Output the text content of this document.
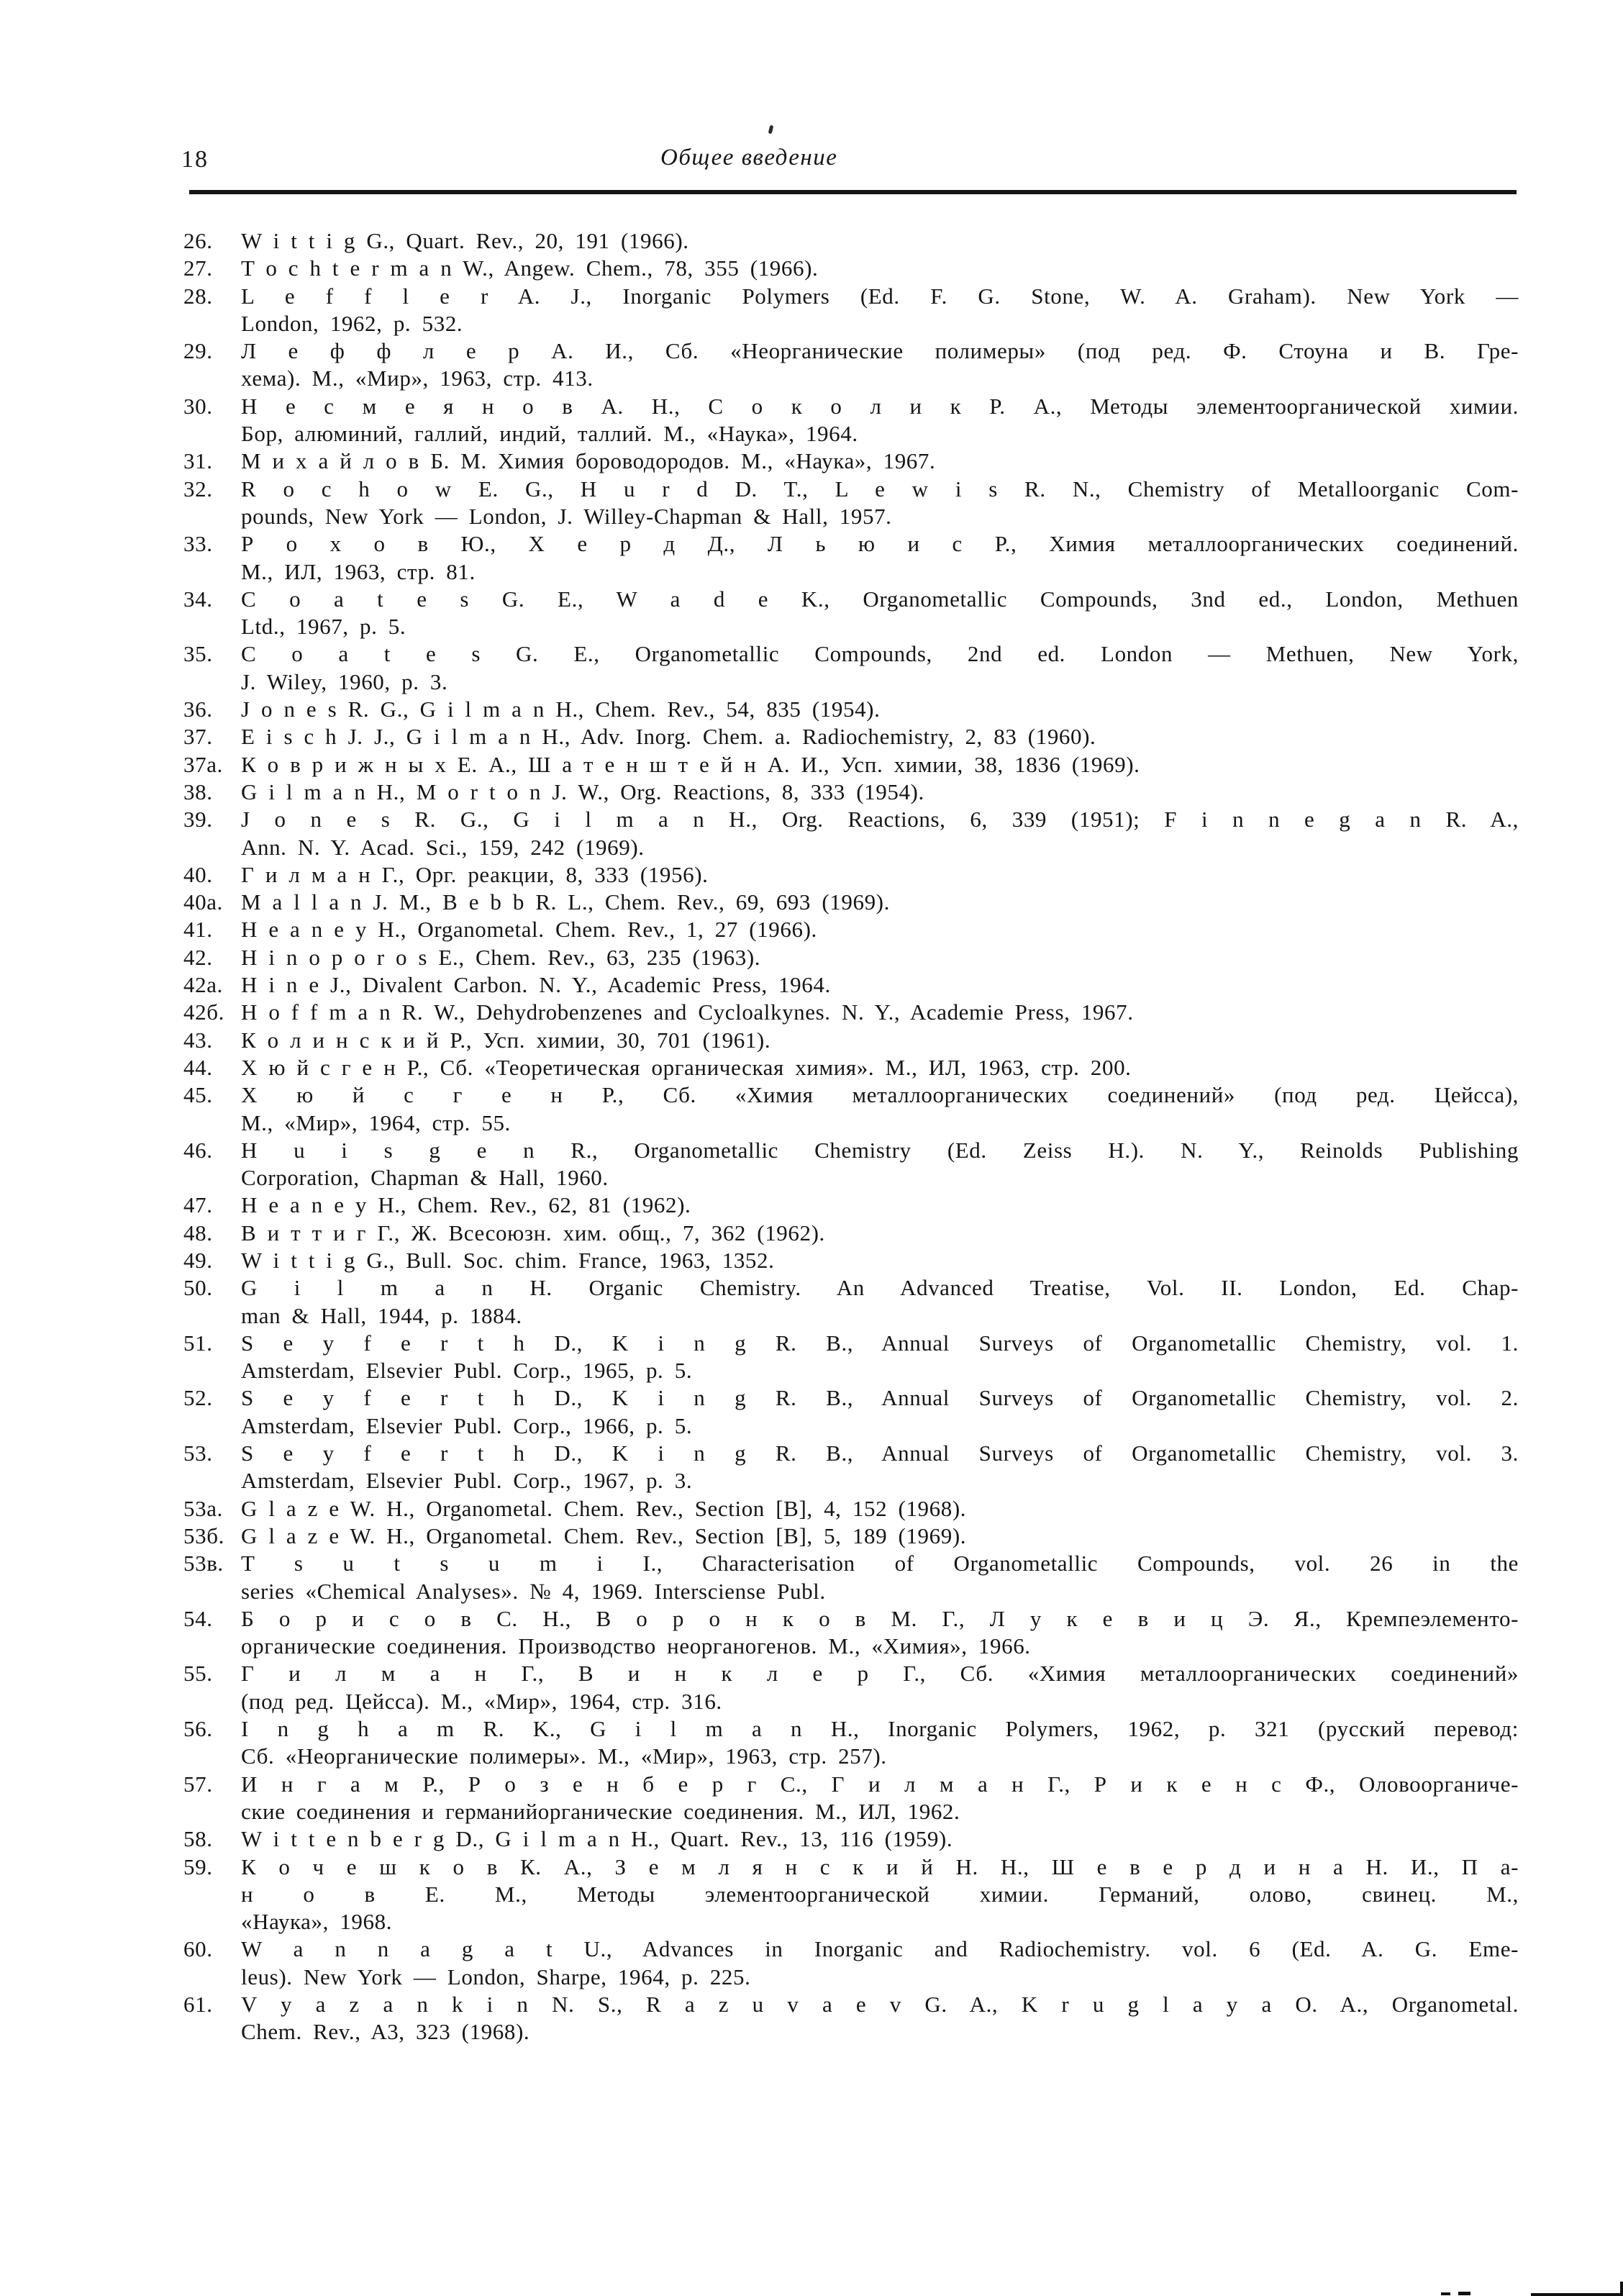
18	Общее введение
26. W i t t i g G., Quart. Rev., 20, 191 (1966).
27. T o c h t e r m a n W., Angew. Chem., 78, 355 (1966).
28. L e f f l e r A. J., Inorganic Polymers (Ed. F. G. Stone, W. A. Graham). New York —
London, 1962, p. 532.
29. Л е ф ф л е р А. И., Сб. «Неорганические полимеры» (под ред. Ф. Стоуна и В. Гре-
хема). М., «Мир», 1963, стр. 413.
30. Н е с м е я н о в А. Н., С о к о л и к Р. А., Методы элементоорганической химии.
Бор, алюминий, галлий, индий, таллий. М., «Наука», 1964.
31. М и х а й л о в Б. М. Химия бороводородов. М., «Наука», 1967.
32. R o c h o w E. G., H u r d D. T., L e w i s R. N., Chemistry of Metalloorganic Com-
pounds, New York — London, J. Willey-Chapman & Hall, 1957.
33. Р о х о в Ю., Х е р д Д., Л ь ю и с Р., Химия металлоорганических соединений.
М., ИЛ, 1963, стр. 81.
34. C o a t e s G. E., W a d e K., Organometallic Compounds, 3nd ed., London, Methuen
Ltd., 1967, p. 5.
35. C o a t e s G. E., Organometallic Compounds, 2nd ed. London — Methuen, New York,
J. Wiley, 1960, p. 3.
36. J o n e s R. G., G i l m a n H., Chem. Rev., 54, 835 (1954).
37. E i s c h J. J., G i l m a n H., Adv. Inorg. Chem. a. Radiochemistry, 2, 83 (1960).
37а. К о в р и ж н ы х Е. А., Ш а т е н ш т е й н А. И., Усп. химии, 38, 1836 (1969).
38. G i l m a n H., M o r t o n J. W., Org. Reactions, 8, 333 (1954).
39. J o n e s R. G., G i l m a n H., Org. Reactions, 6, 339 (1951); F i n n e g a n R. A.,
Ann. N. Y. Acad. Sci., 159, 242 (1969).
40. Г и л м а н Г., Орг. реакции, 8, 333 (1956).
40а. M a l l a n J. M., B e b b R. L., Chem. Rev., 69, 693 (1969).
41. H e a n e y H., Organometal. Chem. Rev., 1, 27 (1966).
42. H i n o p o r o s E., Chem. Rev., 63, 235 (1963).
42а. H i n e J., Divalent Carbon. N. Y., Academic Press, 1964.
42б. H o f f m a n R. W., Dehydrobenzenes and Cycloalkynes. N. Y., Academie Press, 1967.
43. К о л и н с к и й Р., Усп. химии, 30, 701 (1961).
44. Х ю й с г е н Р., Сб. «Теоретическая органическая химия». М., ИЛ, 1963, стр. 200.
45. Х ю й с г е н Р., Сб. «Химия металлоорганических соединений» (под ред. Цейсса),
М., «Мир», 1964, стр. 55.
46. H u i s g e n R., Organometallic Chemistry (Ed. Zeiss H.). N. Y., Reinolds Publishing
Corporation, Chapman & Hall, 1960.
47. H e a n e y H., Chem. Rev., 62, 81 (1962).
48. В и т т и г Г., Ж. Всесоюзн. хим. общ., 7, 362 (1962).
49. W i t t i g G., Bull. Soc. chim. France, 1963, 1352.
50. G i l m a n H. Organic Chemistry. An Advanced Treatise, Vol. II. London, Ed. Chap-
man & Hall, 1944, p. 1884.
51. S e y f e r t h D., K i n g R. B., Annual Surveys of Organometallic Chemistry, vol. 1.
Amsterdam, Elsevier Publ. Corp., 1965, p. 5.
52. S e y f e r t h D., K i n g R. B., Annual Surveys of Organometallic Chemistry, vol. 2.
Amsterdam, Elsevier Publ. Corp., 1966, p. 5.
53. S e y f e r t h D., K i n g R. B., Annual Surveys of Organometallic Chemistry, vol. 3.
Amsterdam, Elsevier Publ. Corp., 1967, p. 3.
53а. G l a z e W. H., Organometal. Chem. Rev., Section [B], 4, 152 (1968).
53б. G l a z e W. H., Organometal. Chem. Rev., Section [B], 5, 189 (1969).
53в. T s u t s u m i I., Characterisation of Organometallic Compounds, vol. 26 in the
series «Chemical Analyses». № 4, 1969. Intersciense Publ.
54. Б о р и с о в С. Н., В о р о н к о в М. Г., Л у к е в и ц Э. Я., Кремпеэлементо-
органические соединения. Производство неорганогенов. М., «Химия», 1966.
55. Г и л м а н Г., В и н к л е р Г., Сб. «Химия металлоорганических соединений»
(под ред. Цейсса). М., «Мир», 1964, стр. 316.
56. I n g h a m R. K., G i l m a n H., Inorganic Polymers, 1962, p. 321 (русский перевод:
Сб. «Неорганические полимеры». М., «Мир», 1963, стр. 257).
57. И н г а м Р., Р о з е н б е р г С., Г и л м а н Г., Р и к е н с Ф., Оловоорганиче-
ские соединения и германийорганические соединения. М., ИЛ, 1962.
58. W i t t e n b e r g D., G i l m a n H., Quart. Rev., 13, 116 (1959).
59. К о ч е ш к о в К. А., З е м л я н с к и й Н. Н., Ш е в е р д и н а Н. И., П а-
н о в Е. М., Методы элементоорганической химии. Германий, олово, свинец. М.,
«Наука», 1968.
60. W a n n a g a t U., Advances in Inorganic and Radiochemistry. vol. 6 (Ed. A. G. Eme-
leus). New York — London, Sharpe, 1964, p. 225.
61. V y a z a n k i n N. S., R a z u v a e v G. A., K r u g l a y a O. A., Organometal.
Chem. Rev., A3, 323 (1968).
